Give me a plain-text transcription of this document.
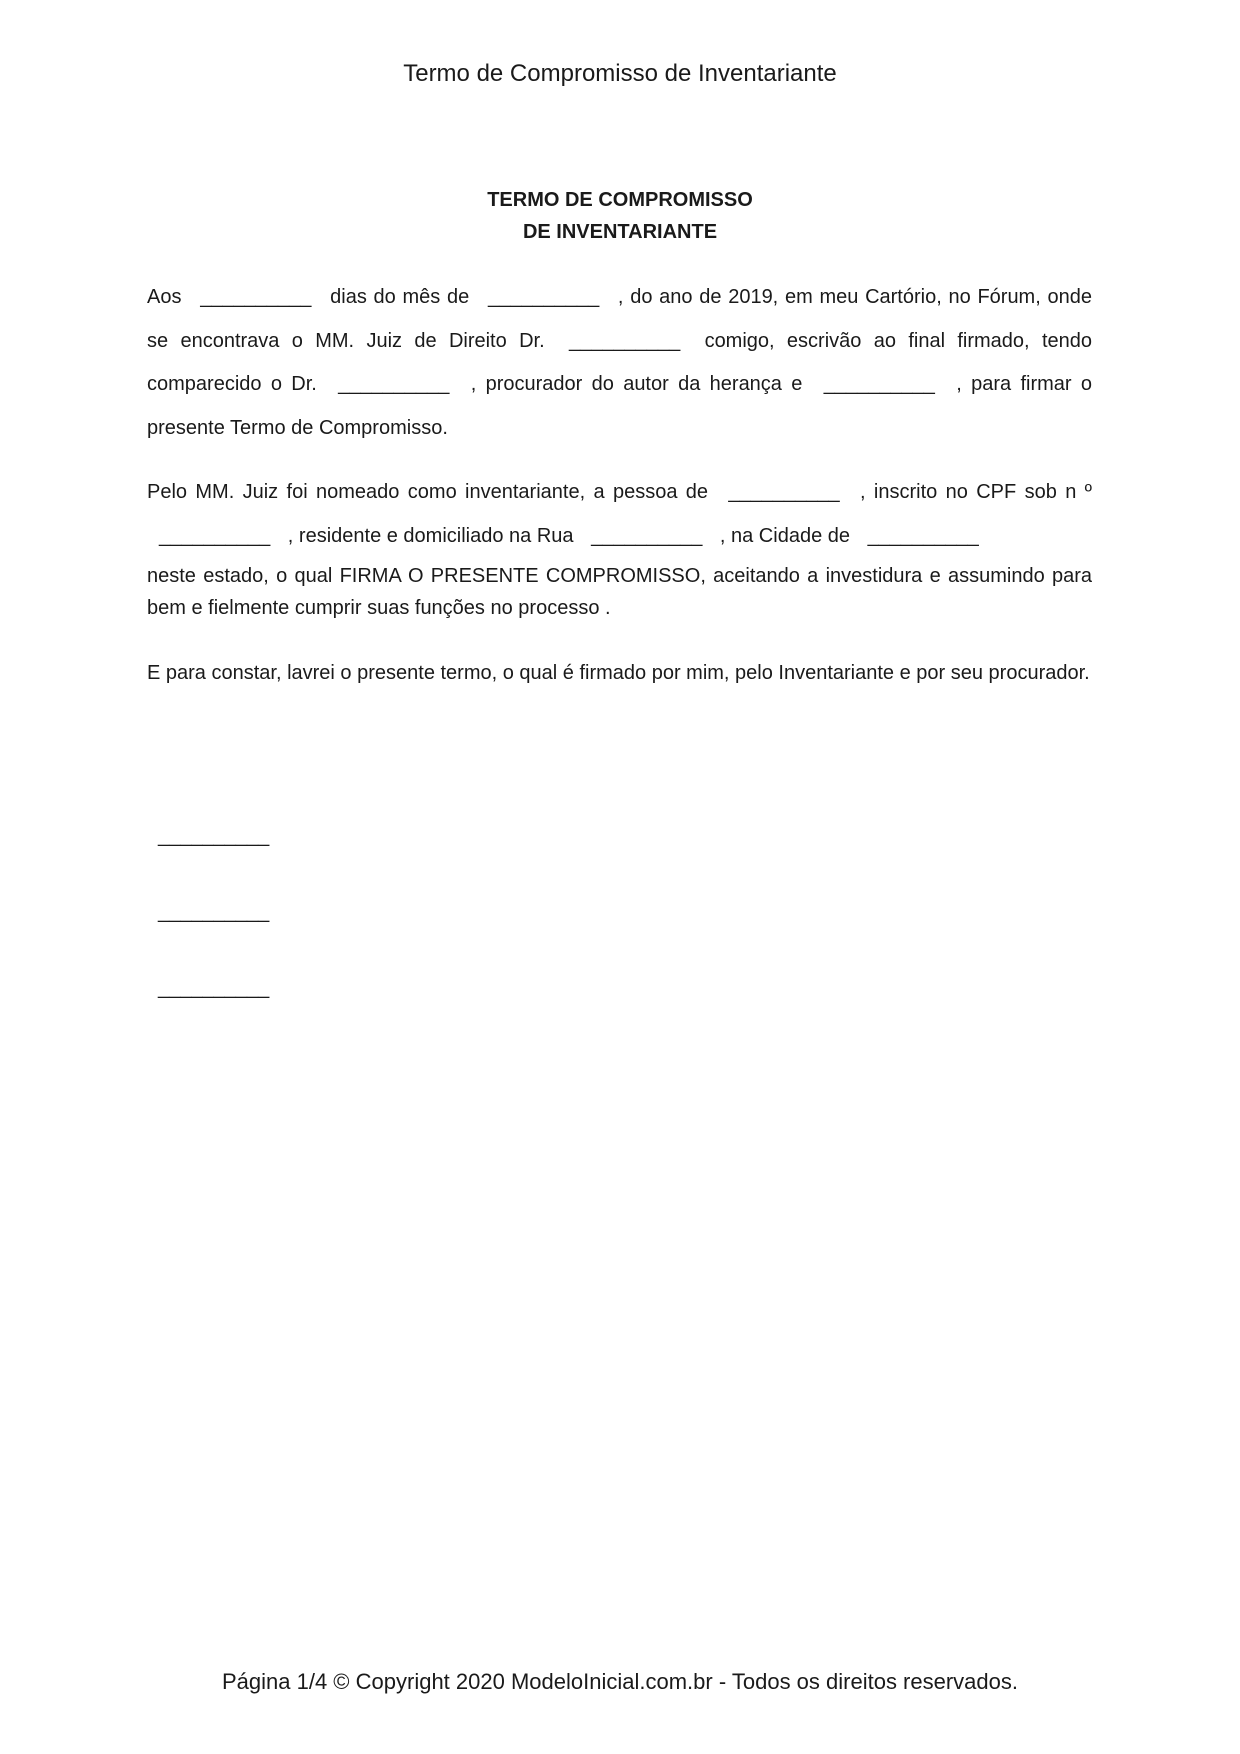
Termo de Compromisso de Inventariante
TERMO DE COMPROMISSO
DE INVENTARIANTE
Aos __________ dias do mês de __________ , do ano de 2019, em meu Cartório, no Fórum, onde se encontrava o MM. Juiz de Direito Dr. __________ comigo, escrivão ao final firmado, tendo comparecido o Dr. __________ , procurador do autor da herança e __________ , para firmar o presente Termo de Compromisso.
Pelo MM. Juiz foi nomeado como inventariante, a pessoa de __________ , inscrito no CPF sob n º __________ , residente e domiciliado na Rua __________ , na Cidade de __________
neste estado, o qual FIRMA O PRESENTE COMPROMISSO, aceitando a investidura e assumindo para bem e fielmente cumprir suas funções no processo .
E para constar, lavrei o presente termo, o qual é firmado por mim, pelo Inventariante e por seu procurador.
__________
__________
__________
Página 1/4 © Copyright 2020 ModeloInicial.com.br - Todos os direitos reservados.
